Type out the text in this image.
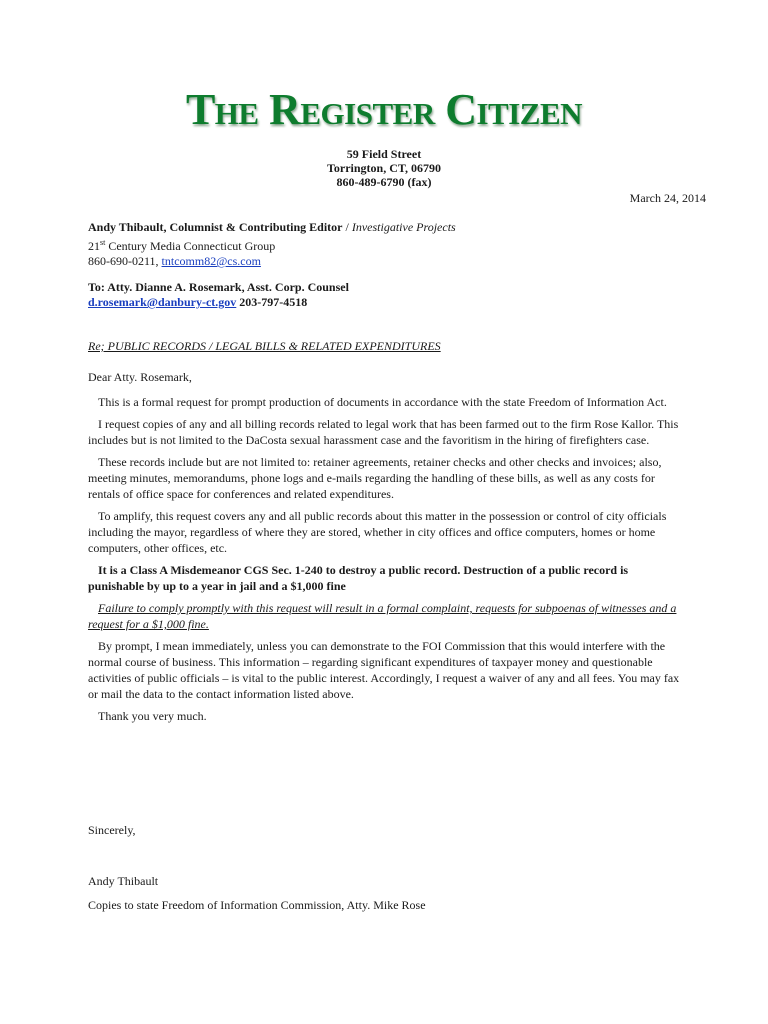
The Register Citizen
59 Field Street
Torrington, CT, 06790
860-489-6790 (fax)
March 24, 2014
Andy Thibault, Columnist & Contributing Editor / Investigative Projects
21st Century Media Connecticut Group
860-690-0211, tntcomm82@cs.com
To: Atty. Dianne A. Rosemark, Asst. Corp. Counsel
d.rosemark@danbury-ct.gov 203-797-4518
Re; PUBLIC RECORDS / LEGAL BILLS & RELATED EXPENDITURES

Dear Atty. Rosemark,

This is a formal request for prompt production of documents in accordance with the state Freedom of Information Act.

I request copies of any and all billing records related to legal work that has been farmed out to the firm Rose Kallor. This includes but is not limited to the DaCosta sexual harassment case and the favoritism in the hiring of firefighters case.

These records include but are not limited to: retainer agreements, retainer checks and other checks and invoices; also, meeting minutes, memorandums, phone logs and e-mails regarding the handling of these bills, as well as any costs for rentals of office space for conferences and related expenditures.

To amplify, this request covers any and all public records about this matter in the possession or control of city officials including the mayor, regardless of where they are stored, whether in city offices and office computers, homes or home computers, other offices, etc.

It is a Class A Misdemeanor CGS Sec. 1-240 to destroy a public record. Destruction of a public record is punishable by up to a year in jail and a $1,000 fine

Failure to comply promptly with this request will result in a formal complaint, requests for subpoenas of witnesses and a request for a $1,000 fine.

By prompt, I mean immediately, unless you can demonstrate to the FOI Commission that this would interfere with the normal course of business. This information – regarding significant expenditures of taxpayer money and questionable activities of public officials – is vital to the public interest. Accordingly, I request a waiver of any and all fees. You may fax or mail the data to the contact information listed above.

Thank you very much.

Sincerely,
Andy Thibault
Copies to state Freedom of Information Commission, Atty. Mike Rose
